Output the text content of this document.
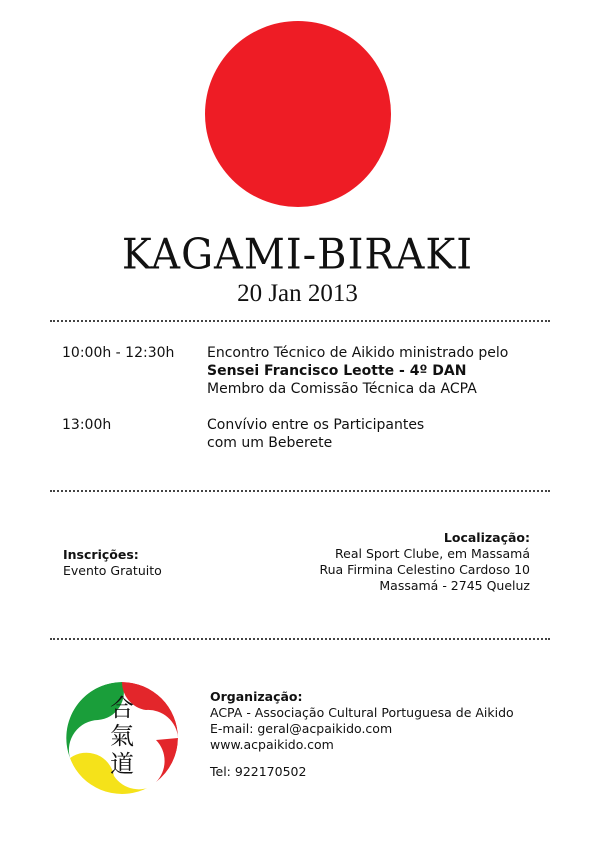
KAGAMI-BIRAKI
20 Jan 2013
10:00h - 12:30h Encontro Técnico de Aikido ministrado pelo
Sensei Francisco Leotte - 4º DAN
Membro da Comissão Técnica da ACPA
13:00h	Convívio entre os Participantes
com um Beberete
Inscrições:
Evento Gratuito
Localização:
Real Sport Clube, em Massamá
Rua Firmina Celestino Cardoso 10
Massamá - 2745 Queluz
合
氣
道
Organização:
ACPA - Associação Cultural Portuguesa de Aikido
E-mail: geral@acpaikido.com
www.acpaikido.com
Tel: 922170502
